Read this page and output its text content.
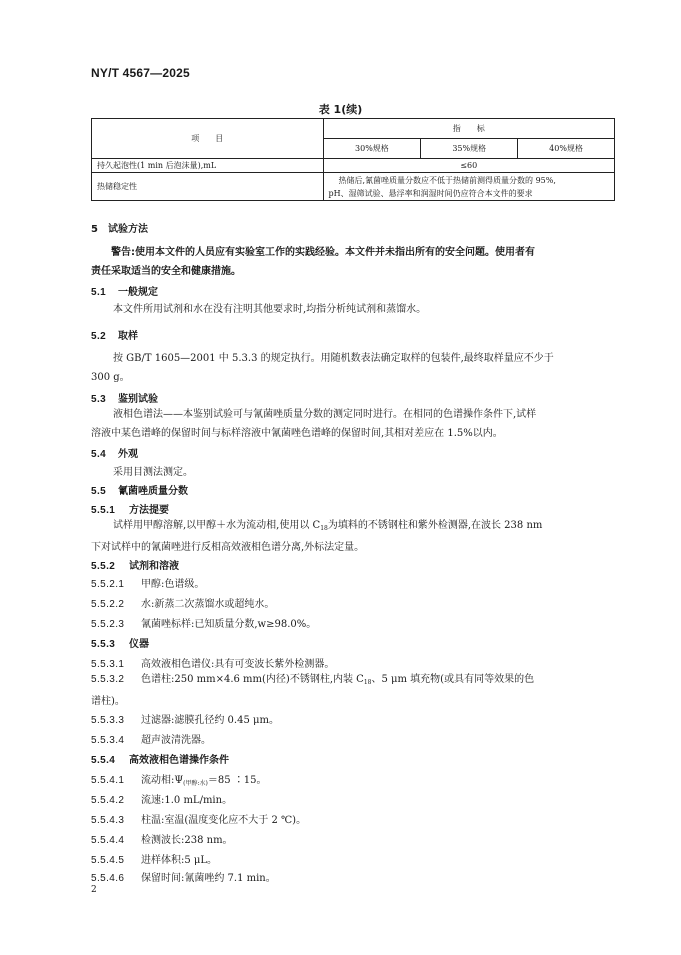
NY/T 4567—2025
表 1(续)
项　　目	指　　标		
	30%规格	35%规格	40%规格
持久起泡性(1 min 后泡沫量),mL	≤60		
热储稳定性	热储后,氰菌唑质量分数应不低于热储前测得质量分数的 95%,
pH、湿筛试验、悬浮率和润湿时间仍应符合本文件的要求		
5　试验方法
警告:使用本文件的人员应有实验室工作的实践经验。本文件并未指出所有的安全问题。使用者有
责任采取适当的安全和健康措施。
5.1 一般规定
本文件所用试剂和水在没有注明其他要求时,均指分析纯试剂和蒸馏水。
5.2 取样
按 GB/T 1605—2001 中 5.3.3 的规定执行。用随机数表法确定取样的包装件,最终取样量应不少于
300 g。
5.3 鉴别试验
液相色谱法——本鉴别试验可与氰菌唑质量分数的测定同时进行。在相同的色谱操作条件下,试样
溶液中某色谱峰的保留时间与标样溶液中氰菌唑色谱峰的保留时间,其相对差应在 1.5%以内。
5.4 外观
采用目测法测定。
5.5 氰菌唑质量分数
5.5.1 方法提要
试样用甲醇溶解,以甲醇＋水为流动相,使用以 $C_{18}$为填料的不锈钢柱和紫外检测器,在波长 238 nm
下对试样中的氰菌唑进行反相高效液相色谱分离,外标法定量。
5.5.2 试剂和溶液
5.5.2.1 甲醇:色谱级。
5.5.2.2 水:新蒸二次蒸馏水或超纯水。
5.5.2.3 氰菌唑标样:已知质量分数,w≥98.0%。
5.5.3 仪器
5.5.3.1 高效液相色谱仪:具有可变波长紫外检测器。
5.5.3.2 色谱柱:250 mm×4.6 mm(内径)不锈钢柱,内装 $C_{18}$、5 μm 填充物(或具有同等效果的色
谱柱)。
5.5.3.3 过滤器:滤膜孔径约 0.45 μm。
5.5.3.4 超声波清洗器。
5.5.4 高效液相色谱操作条件
5.5.4.1 流动相$:\Psi_{(甲醇:水)}=85$ ∶15。
5.5.4.2 流速:1.0 mL/min。
5.5.4.3 柱温:室温(温度变化应不大于 2 ℃)。
5.5.4.4 检测波长:238 nm。
5.5.4.5 进样体积:5 μL。
5.5.4.6 保留时间:氰菌唑约 7.1 min。
2
